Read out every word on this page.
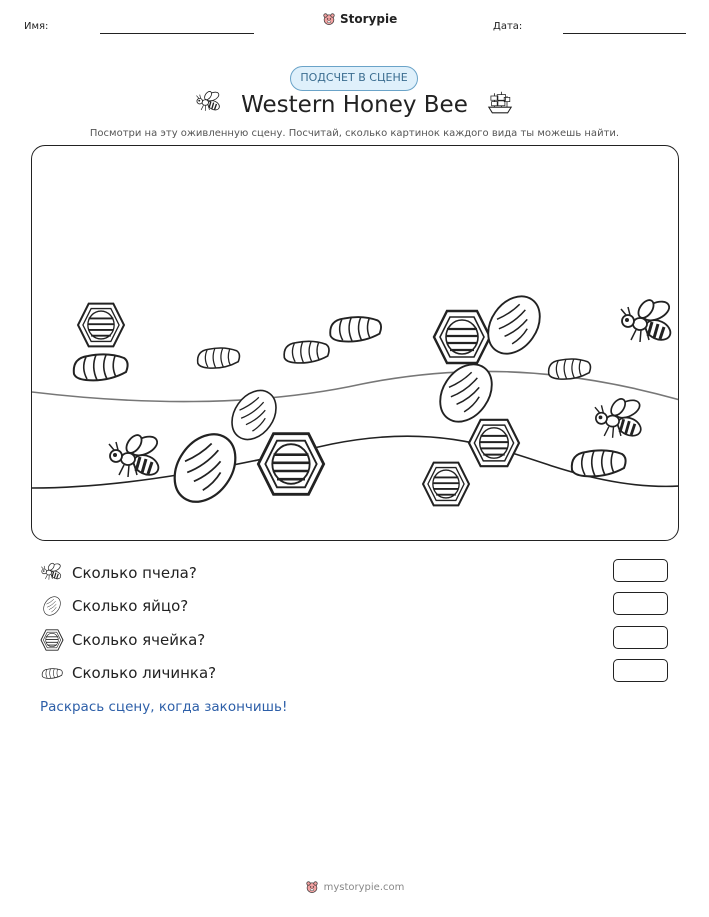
Имя:
Storypie
Дата:
ПОДСЧЕТ В СЦЕНЕ
Western Honey Bee
Посмотри на эту оживленную сцену. Посчитай, сколько картинок каждого вида ты можешь найти.
Сколько пчела?
Сколько яйцо?
Сколько ячейка?
Сколько личинка?
Раскрась сцену, когда закончишь!
mystorypie.com
